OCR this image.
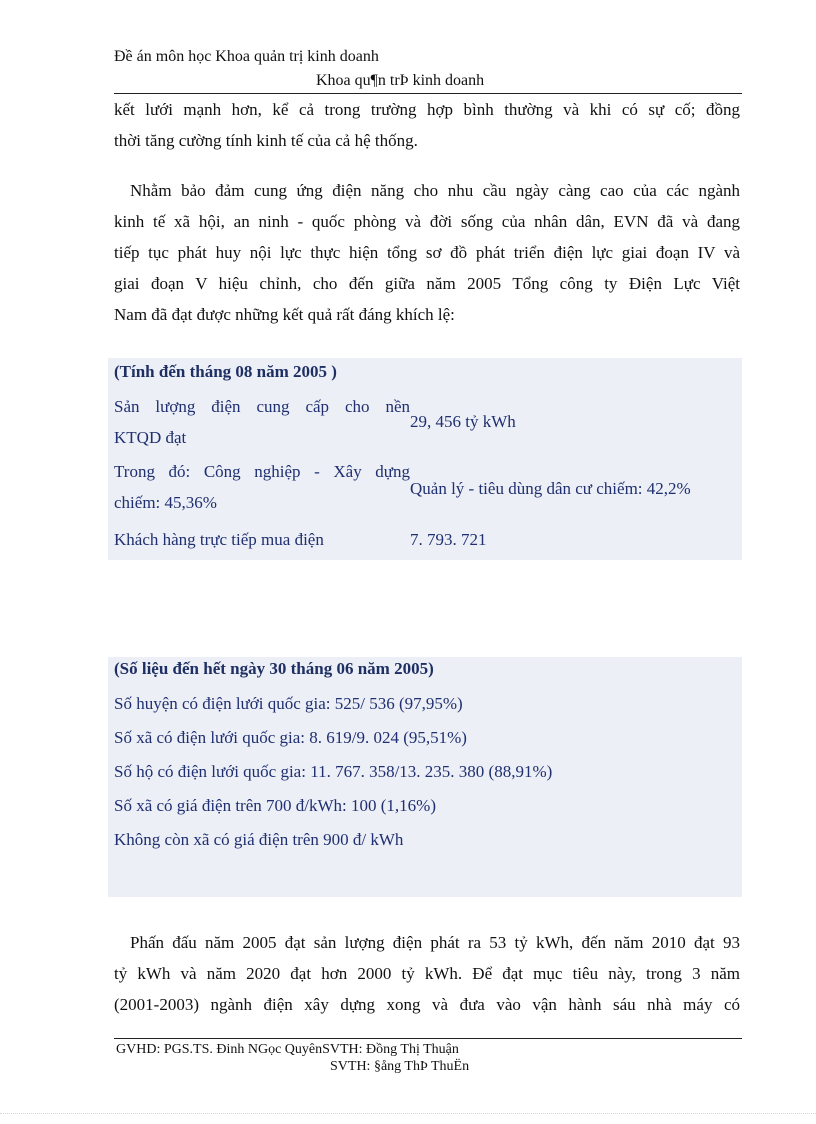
Đề án môn học Khoa quản trị kinh doanh
Khoa qu¶n trÞ kinh doanh
kết lưới mạnh hơn, kể cả trong trường hợp bình thường và khi có sự cố; đồng
thời tăng cường tính kinh tế của cả hệ thống.
Nhằm bảo đảm cung ứng điện năng cho nhu cầu ngày càng cao của các ngành
kinh tế xã hội, an ninh - quốc phòng và đời sống của nhân dân, EVN đã và đang
tiếp tục phát huy nội lực thực hiện tổng sơ đồ phát triển điện lực giai đoạn IV và
giai đoạn V hiệu chỉnh, cho đến giữa năm 2005 Tổng công ty Điện Lực Việt
Nam đã đạt được những kết quả rất đáng khích lệ:
(Tính đến tháng 08 năm 2005 )
Sản lượng điện cung cấp cho nền
KTQD đạt
29, 456 tỷ kWh
Trong đó: Công nghiệp - Xây dựng
chiếm: 45,36%
Quản lý - tiêu dùng dân cư chiếm: 42,2%
Khách hàng trực tiếp mua điện	7. 793. 721
(Số liệu đến hết ngày 30 tháng 06 năm 2005)
Số huyện có điện lưới quốc gia: 525/ 536 (97,95%)
Số xã có điện lưới quốc gia: 8. 619/9. 024 (95,51%)
Số hộ có điện lưới quốc gia: 11. 767. 358/13. 235. 380 (88,91%)
Số xã có giá điện trên 700 đ/kWh: 100 (1,16%)
Không còn xã có giá điện trên 900 đ/ kWh
Phấn đấu năm 2005 đạt sản lượng điện phát ra 53 tỷ kWh, đến năm 2010 đạt 93
tỷ kWh và năm 2020 đạt hơn 2000 tỷ kWh. Để đạt mục tiêu này, trong 3 năm
(2001-2003) ngành điện xây dựng xong và đưa vào vận hành sáu nhà máy có
GVHD: PGS.TS. Đinh NGọc QuyênSVTH: Đồng Thị Thuận
SVTH: §ång ThÞ ThuËn
